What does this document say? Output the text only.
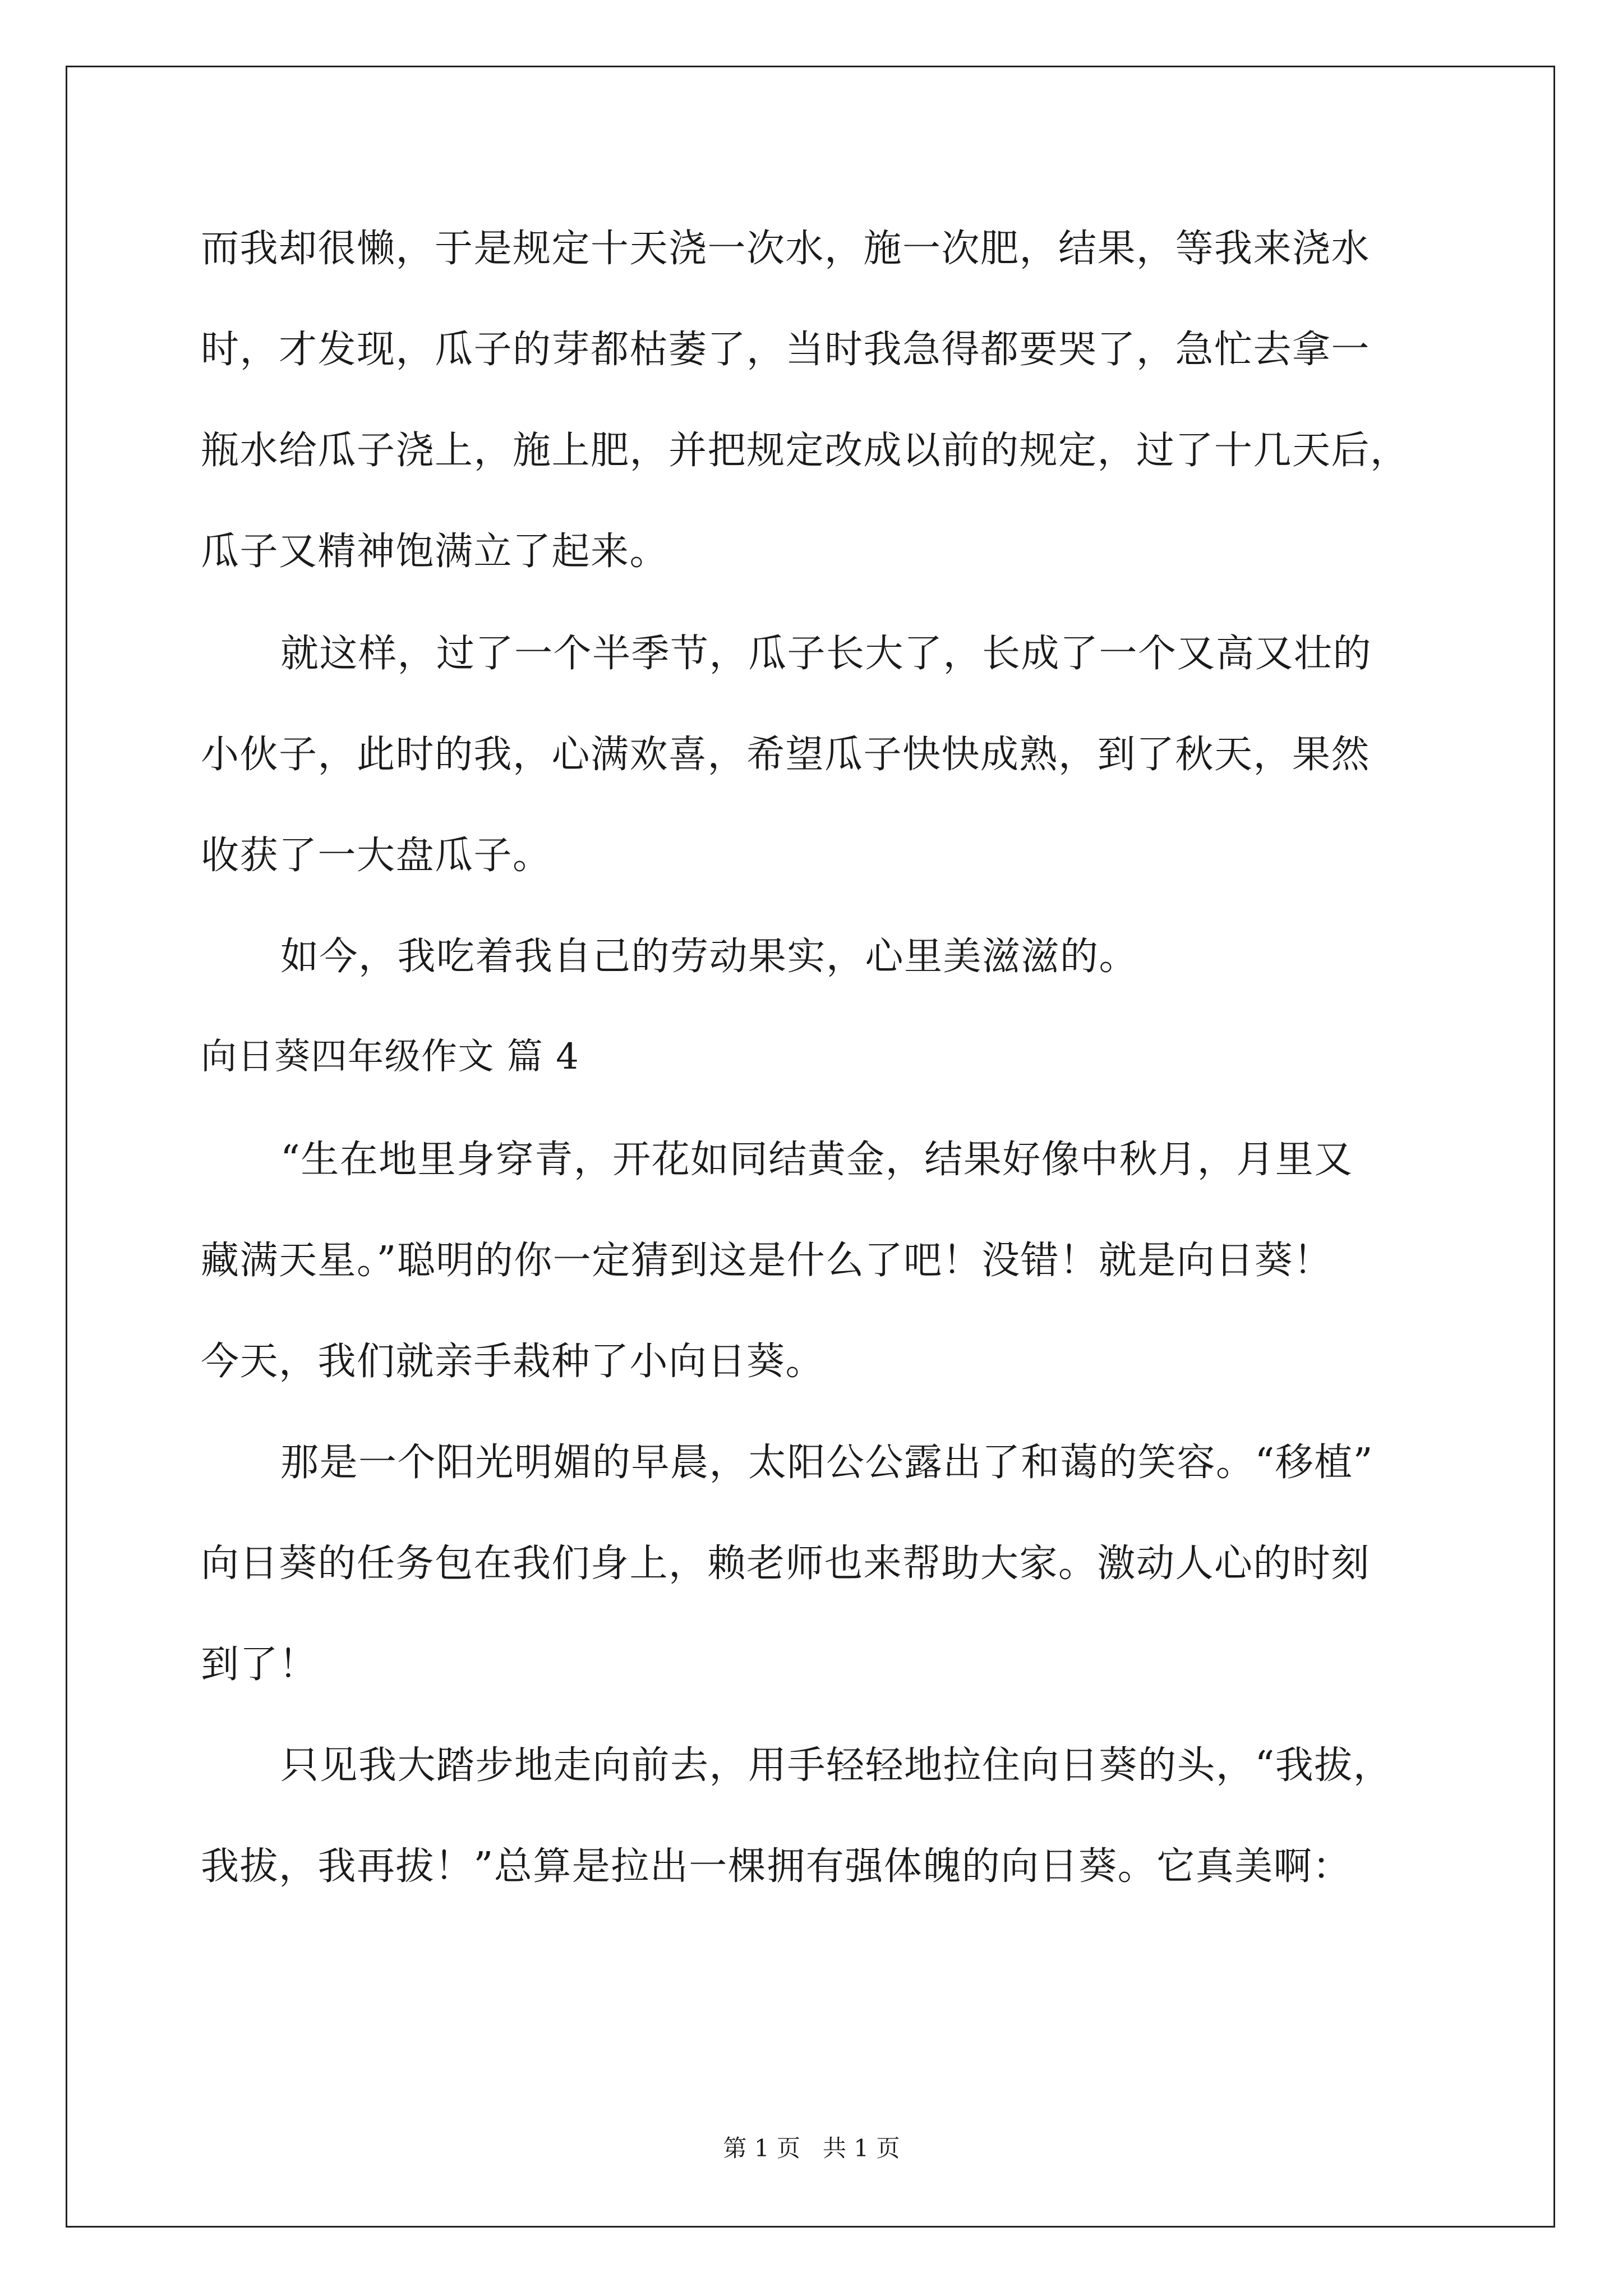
而我却很懒，于是规定十天浇一次水，施一次肥，结果，等我来浇水
时，才发现，瓜子的芽都枯萎了，当时我急得都要哭了，急忙去拿一
瓶水给瓜子浇上，施上肥，并把规定改成以前的规定，过了十几天后，
瓜子又精神饱满立了起来。
就这样，过了一个半季节，瓜子长大了，长成了一个又高又壮的
小伙子，此时的我，心满欢喜，希望瓜子快快成熟，到了秋天，果然
收获了一大盘瓜子。
如今，我吃着我自己的劳动果实，心里美滋滋的。
向日葵四年级作文 篇 4
“生在地里身穿青，开花如同结黄金，结果好像中秋月，月里又
藏满天星。”聪明的你一定猜到这是什么了吧！没错！就是向日葵！
今天，我们就亲手栽种了小向日葵。
那是一个阳光明媚的早晨，太阳公公露出了和蔼的笑容。“移植”
向日葵的任务包在我们身上，赖老师也来帮助大家。激动人心的时刻
到了！
只见我大踏步地走向前去，用手轻轻地拉住向日葵的头，“我拔，
我拔，我再拔！”总算是拉出一棵拥有强体魄的向日葵。它真美啊：
第 1 页   共 1 页
